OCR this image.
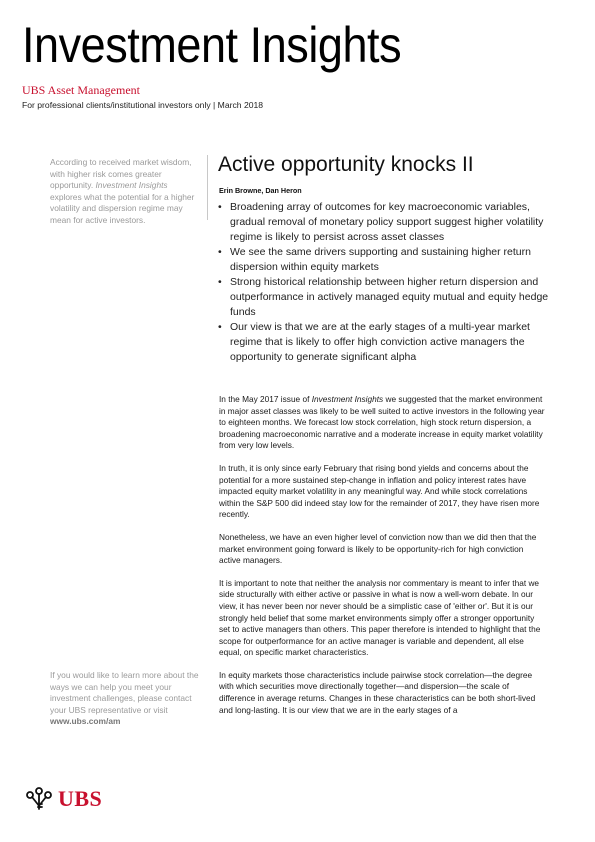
Investment Insights
UBS Asset Management
For professional clients/institutional investors only | March 2018
According to received market wisdom, with higher risk comes greater opportunity. Investment Insights explores what the potential for a higher volatility and dispersion regime may mean for active investors.
Active opportunity knocks II
Erin Browne, Dan Heron
• Broadening array of outcomes for key macroeconomic variables, gradual removal of monetary policy support suggest higher volatility regime is likely to persist across asset classes
• We see the same drivers supporting and sustaining higher return dispersion within equity markets
• Strong historical relationship between higher return dispersion and outperformance in actively managed equity mutual and equity hedge funds
• Our view is that we are at the early stages of a multi-year market regime that is likely to offer high conviction active managers the opportunity to generate significant alpha

In the May 2017 issue of Investment Insights we suggested that the market environment in major asset classes was likely to be well suited to active investors in the following year to eighteen months. We forecast low stock correlation, high stock return dispersion, a broadening macroeconomic narrative and a moderate increase in equity market volatility from very low levels.

In truth, it is only since early February that rising bond yields and concerns about the potential for a more sustained step-change in inflation and policy interest rates have impacted equity market volatility in any meaningful way. And while stock correlations within the S&P 500 did indeed stay low for the remainder of 2017, they have risen more recently.

Nonetheless, we have an even higher level of conviction now than we did then that the market environment going forward is likely to be opportunity-rich for high conviction active managers.

It is important to note that neither the analysis nor commentary is meant to infer that we side structurally with either active or passive in what is now a well-worn debate. In our view, it has never been nor never should be a simplistic case of 'either or'. But it is our strongly held belief that some market environments simply offer a stronger opportunity set to active managers than others. This paper therefore is intended to highlight that the scope for outperformance for an active manager is variable and dependent, all else equal, on specific market characteristics.

In equity markets those characteristics include pairwise stock correlation—the degree with which securities move directionally together—and dispersion—the scale of difference in average returns. Changes in these characteristics can be both short-lived and long-lasting. It is our view that we are in the early stages of a

If you would like to learn more about the ways we can help you meet your investment challenges, please contact your UBS representative or visit www.ubs.com/am
UBS
